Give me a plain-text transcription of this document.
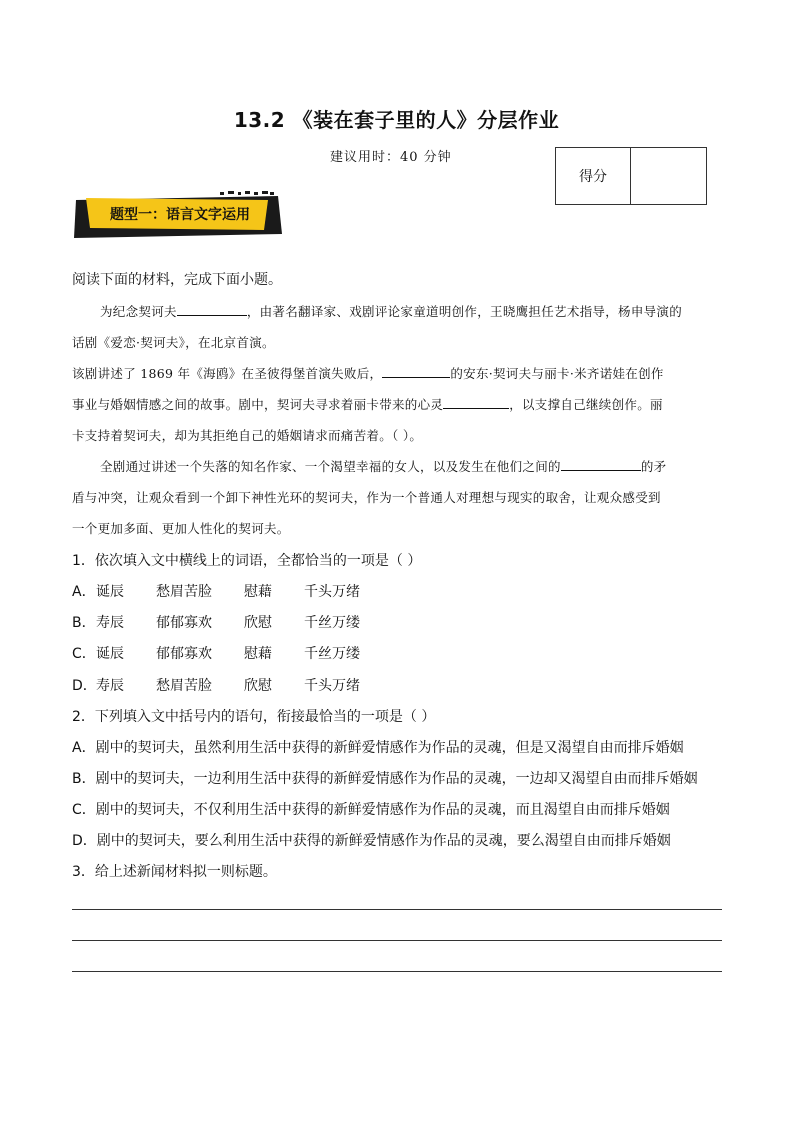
13.2 《装在套子里的人》分层作业
建议用时：40 分钟
得分
题型一：语言文字运用
阅读下面的材料，完成下面小题。
为纪念契诃夫	，由著名翻译家、戏剧评论家童道明创作，王晓鹰担任艺术指导，杨申导演的
话剧《爱恋·契诃夫》，在北京首演。
该剧讲述了 1869 年《海鸥》在圣彼得堡首演失败后，	的安东·契诃夫与丽卡·米齐诺娃在创作
事业与婚姻情感之间的故事。剧中，契诃夫寻求着丽卡带来的心灵	，以支撑自己继续创作。丽
卡支持着契诃夫，却为其拒绝自己的婚姻请求而痛苦着。（ ）。
全剧通过讲述一个失落的知名作家、一个渴望幸福的女人，以及发生在他们之间的	的矛
盾与冲突，让观众看到一个卸下神性光环的契诃夫，作为一个普通人对理想与现实的取舍，让观众感受到
一个更加多面、更加人性化的契诃夫。
1．依次填入文中横线上的词语，全都恰当的一项是（ ）
A． 诞辰 愁眉苦脸 慰藉 千头万绪
B． 寿辰 郁郁寡欢 欣慰 千丝万缕
C． 诞辰 郁郁寡欢 慰藉 千丝万缕
D． 寿辰 愁眉苦脸 欣慰 千头万绪
2．下列填入文中括号内的语句，衔接最恰当的一项是（ ）
A．剧中的契诃夫，虽然利用生活中获得的新鲜爱情感作为作品的灵魂，但是又渴望自由而排斥婚姻
B．剧中的契诃夫，一边利用生活中获得的新鲜爱情感作为作品的灵魂，一边却又渴望自由而排斥婚姻
C．剧中的契诃夫，不仅利用生活中获得的新鲜爱情感作为作品的灵魂，而且渴望自由而排斥婚姻
D．剧中的契诃夫，要么利用生活中获得的新鲜爱情感作为作品的灵魂，要么渴望自由而排斥婚姻
3．给上述新闻材料拟一则标题。
